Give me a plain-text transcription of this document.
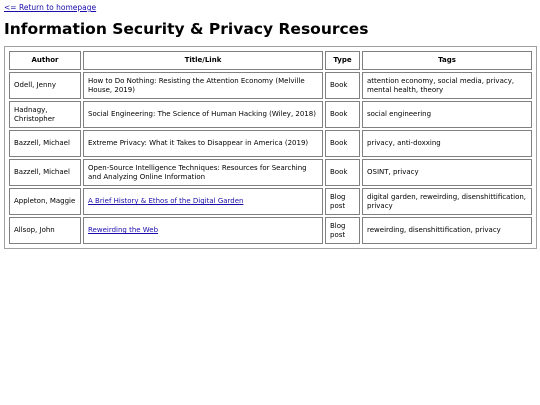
<= Return to homepage
Information Security & Privacy Resources
Author	Title/Link	Type	Tags
Odell, Jenny	How to Do Nothing: Resisting the Attention Economy (Melville House, 2019)	Book	attention economy, social media, privacy, mental health, theory
Hadnagy, Christopher	Social Engineering: The Science of Human Hacking (Wiley, 2018)	Book	social engineering
Bazzell, Michael	Extreme Privacy: What it Takes to Disappear in America (2019)	Book	privacy, anti-doxxing
Bazzell, Michael	Open-Source Intelligence Techniques: Resources for Searching and Analyzing Online Information	Book	OSINT, privacy
Appleton, Maggie	A Brief History & Ethos of the Digital Garden	Blog post	digital garden, reweirding, disenshittification, privacy
Allsop, John	Reweirding the Web	Blog post	reweirding, disenshittification, privacy
